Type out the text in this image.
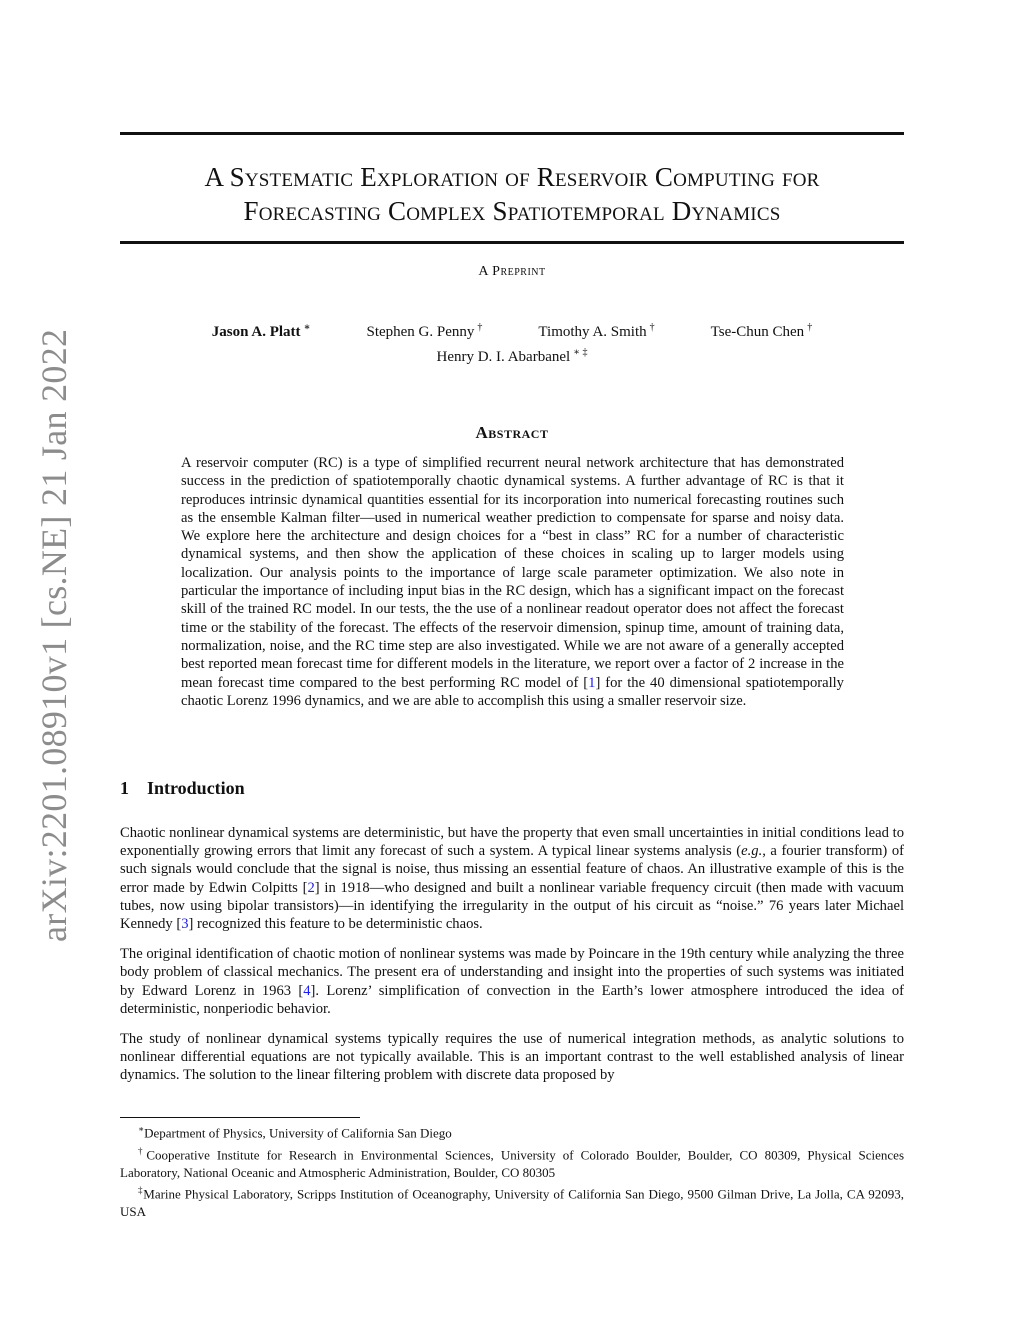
arXiv:2201.08910v1 [cs.NE] 21 Jan 2022
A Systematic Exploration of Reservoir Computing for
Forecasting Complex Spatiotemporal Dynamics
A Preprint
Jason A. Platt ∗	Stephen G. Penny †	Timothy A. Smith †	Tse-Chun Chen †
Henry D. I. Abarbanel ∗ ‡
Abstract
A reservoir computer (RC) is a type of simplified recurrent neural network architecture that has demonstrated success in the prediction of spatiotemporally chaotic dynamical systems. A further advantage of RC is that it reproduces intrinsic dynamical quantities essential for its incorporation into numerical forecasting routines such as the ensemble Kalman filter—used in numerical weather prediction to compensate for sparse and noisy data. We explore here the architecture and design choices for a “best in class” RC for a number of characteristic dynamical systems, and then show the application of these choices in scaling up to larger models using localization. Our analysis points to the importance of large scale parameter optimization. We also note in particular the importance of including input bias in the RC design, which has a significant impact on the forecast skill of the trained RC model. In our tests, the the use of a nonlinear readout operator does not affect the forecast time or the stability of the forecast. The effects of the reservoir dimension, spinup time, amount of training data, normalization, noise, and the RC time step are also investigated. While we are not aware of a generally accepted best reported mean forecast time for different models in the literature, we report over a factor of 2 increase in the mean forecast time compared to the best performing RC model of [1] for the 40 dimensional spatiotemporally chaotic Lorenz 1996 dynamics, and we are able to accomplish this using a smaller reservoir size.
1 Introduction

Chaotic nonlinear dynamical systems are deterministic, but have the property that even small uncertainties in initial conditions lead to exponentially growing errors that limit any forecast of such a system. A typical linear systems analysis (e.g., a fourier transform) of such signals would conclude that the signal is noise, thus missing an essential feature of chaos. An illustrative example of this is the error made by Edwin Colpitts [2] in 1918—who designed and built a nonlinear variable frequency circuit (then made with vacuum tubes, now using bipolar transistors)—in identifying the irregularity in the output of his circuit as “noise.” 76 years later Michael Kennedy [3] recognized this feature to be deterministic chaos.

The original identification of chaotic motion of nonlinear systems was made by Poincare in the 19th century while analyzing the three body problem of classical mechanics. The present era of understanding and insight into the properties of such systems was initiated by Edward Lorenz in 1963 [4]. Lorenz’ simplification of convection in the Earth’s lower atmosphere introduced the idea of deterministic, nonperiodic behavior.

The study of nonlinear dynamical systems typically requires the use of numerical integration methods, as analytic solutions to nonlinear differential equations are not typically available. This is an important contrast to the well established analysis of linear dynamics. The solution to the linear filtering problem with discrete data proposed by

∗Department of Physics, University of California San Diego

†Cooperative Institute for Research in Environmental Sciences, University of Colorado Boulder, Boulder, CO 80309, Physical Sciences Laboratory, National Oceanic and Atmospheric Administration, Boulder, CO 80305

‡Marine Physical Laboratory, Scripps Institution of Oceanography, University of California San Diego, 9500 Gilman Drive, La Jolla, CA 92093, USA
